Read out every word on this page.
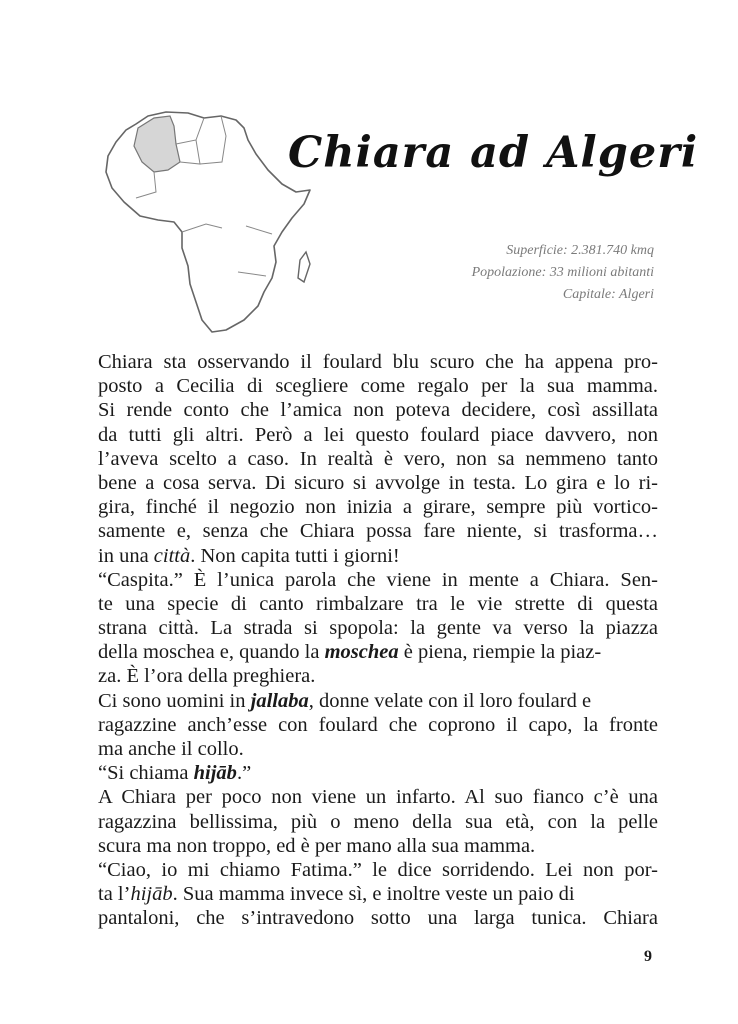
Chiara ad Algeri
Superficie: 2.381.740 kmq
Popolazione: 33 milioni abitanti
Capitale: Algeri
Chiara sta osservando il foulard blu scuro che ha appena pro-
posto a Cecilia di scegliere come regalo per la sua mamma.
Si rende conto che l’amica non poteva decidere, così assillata
da tutti gli altri. Però a lei questo foulard piace davvero, non
l’aveva scelto a caso. In realtà è vero, non sa nemmeno tanto
bene a cosa serva. Di sicuro si avvolge in testa. Lo gira e lo ri-
gira, finché il negozio non inizia a girare, sempre più vortico-
samente e, senza che Chiara possa fare niente, si trasforma…
in una città. Non capita tutti i giorni!
“Caspita.” È l’unica parola che viene in mente a Chiara. Sen-
te una specie di canto rimbalzare tra le vie strette di questa
strana città. La strada si spopola: la gente va verso la piazza
della moschea e, quando la moschea è piena, riempie la piaz-
za. È l’ora della preghiera.
Ci sono uomini in jallaba, donne velate con il loro foulard e
ragazzine anch’esse con foulard che coprono il capo, la fronte
ma anche il collo.
“Si chiama hijāb.”
A Chiara per poco non viene un infarto. Al suo fianco c’è una
ragazzina bellissima, più o meno della sua età, con la pelle
scura ma non troppo, ed è per mano alla sua mamma.
“Ciao, io mi chiamo Fatima.” le dice sorridendo. Lei non por-
ta l’hijāb. Sua mamma invece sì, e inoltre veste un paio di
pantaloni, che s’intravedono sotto una larga tunica. Chiara
9
